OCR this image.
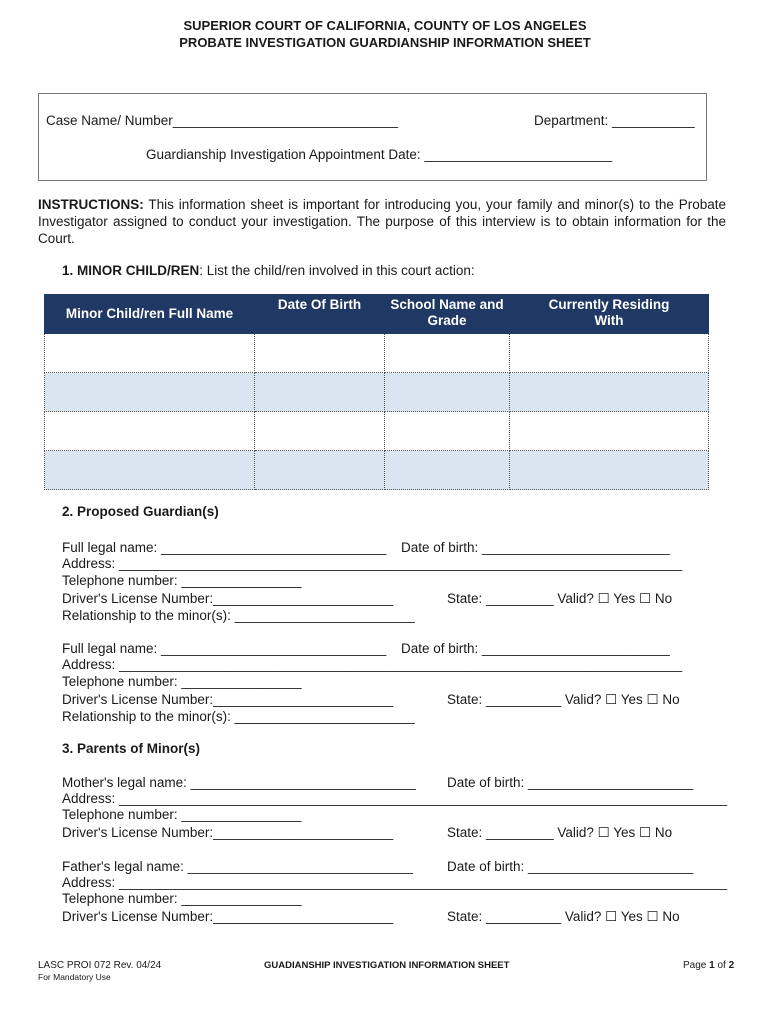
SUPERIOR COURT OF CALIFORNIA, COUNTY OF LOS ANGELES
PROBATE INVESTIGATION GUARDIANSHIP INFORMATION SHEET
Case Name/ Number______________________________	Department: ___________
Guardianship Investigation Appointment Date: _________________________
INSTRUCTIONS: This information sheet is important for introducing you, your family and minor(s) to the Probate Investigator assigned to conduct your investigation. The purpose of this interview is to obtain information for the Court.
1. MINOR CHILD/REN: List the child/ren involved in this court action:
Minor Child/ren Full Name	Date Of Birth	School Name and Grade	Currently Residing With

2. Proposed Guardian(s)
Full legal name: ______________________________ Date of birth: _________________________
Address: ___________________________________________________________________________
Telephone number: ________________
Driver's License Number:________________________	State: _________ Valid? ☐ Yes ☐ No
Relationship to the minor(s): ________________________
Full legal name: ______________________________ Date of birth: _________________________
Address: ___________________________________________________________________________
Telephone number: ________________
Driver's License Number:________________________	State: __________ Valid? ☐ Yes ☐ No
Relationship to the minor(s): ________________________
3. Parents of Minor(s)
Mother's legal name: ______________________________ Date of birth: ______________________
Address: _________________________________________________________________________________
Telephone number: ________________
Driver's License Number:________________________	State: _________ Valid? ☐ Yes ☐ No
Father's legal name: ______________________________	Date of birth: ______________________
Address: _________________________________________________________________________________
Telephone number: ________________
Driver's License Number:________________________	State: __________ Valid? ☐ Yes ☐ No
LASC PROI 072 Rev. 04/24
For Mandatory Use
GUADIANSHIP INVESTIGATION INFORMATION SHEET	Page 1 of 2
